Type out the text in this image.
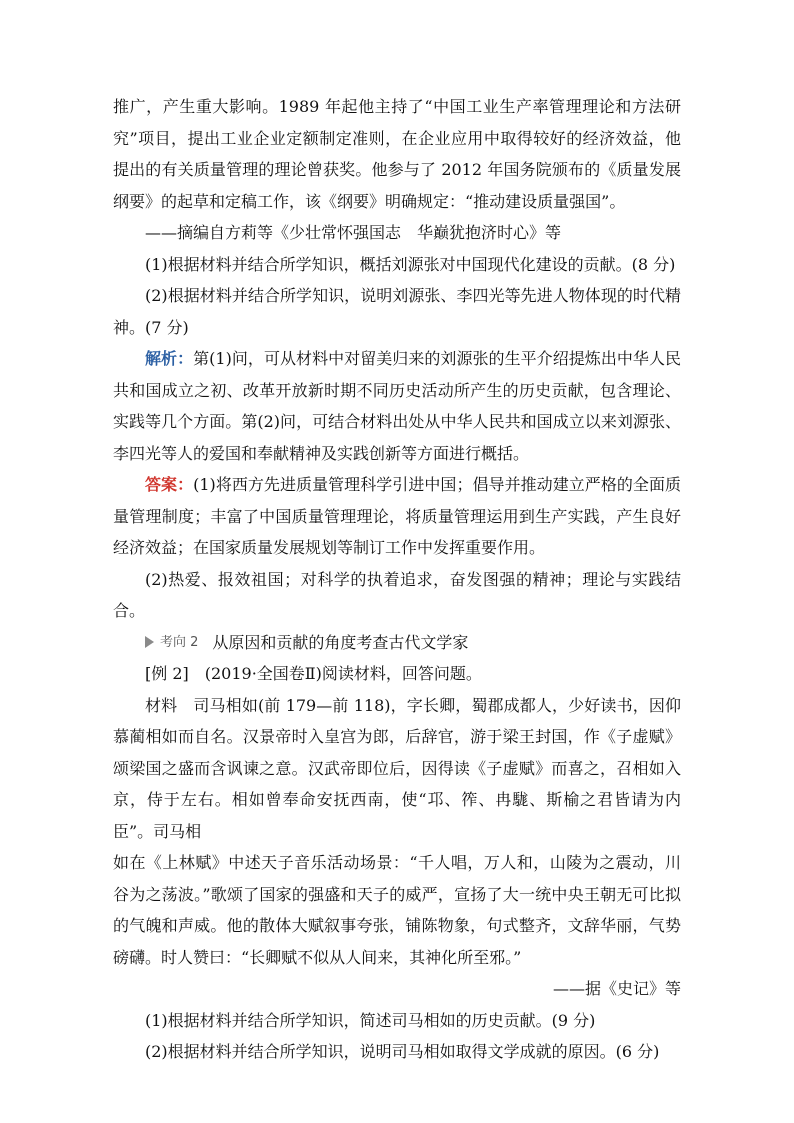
推广，产生重大影响。1989 年起他主持了“中国工业生产率管理理论和方法研究”项目，提出工业企业定额制定准则，在企业应用中取得较好的经济效益，他提出的有关质量管理的理论曾获奖。他参与了 2012 年国务院颁布的《质量发展纲要》的起草和定稿工作，该《纲要》明确规定：“推动建设质量强国”。

——摘编自方莉等《少壮常怀强国志　华巅犹抱济时心》等

(1)根据材料并结合所学知识，概括刘源张对中国现代化建设的贡献。(8 分)

(2)根据材料并结合所学知识，说明刘源张、李四光等先进人物体现的时代精神。(7 分)

解析：第(1)问，可从材料中对留美归来的刘源张的生平介绍提炼出中华人民共和国成立之初、改革开放新时期不同历史活动所产生的历史贡献，包含理论、实践等几个方面。第(2)问，可结合材料出处从中华人民共和国成立以来刘源张、李四光等人的爱国和奉献精神及实践创新等方面进行概括。

答案：(1)将西方先进质量管理科学引进中国；倡导并推动建立严格的全面质量管理制度；丰富了中国质量管理理论，将质量管理运用到生产实践，产生良好经济效益；在国家质量发展规划等制订工作中发挥重要作用。

(2)热爱、报效祖国；对科学的执着追求，奋发图强的精神；理论与实践结合。

考向 2 从原因和贡献的角度考查古代文学家

[例 2]　(2019·全国卷Ⅱ)阅读材料，回答问题。

材料　司马相如(前 179—前 118)，字长卿，蜀郡成都人，少好读书，因仰慕蔺相如而自名。汉景帝时入皇宫为郎，后辞官，游于梁王封国，作《子虚赋》颂梁国之盛而含讽谏之意。汉武帝即位后，因得读《子虚赋》而喜之，召相如入京，侍于左右。相如曾奉命安抚西南，使“邛、筰、冉駹、斯榆之君皆请为内臣”。司马相

如在《上林赋》中述天子音乐活动场景：“千人唱，万人和，山陵为之震动，川谷为之荡波。”歌颂了国家的强盛和天子的威严，宣扬了大一统中央王朝无可比拟的气魄和声威。他的散体大赋叙事夸张，铺陈物象，句式整齐，文辞华丽，气势磅礴。时人赞曰：“长卿赋不似从人间来，其神化所至邪。”

——据《史记》等

(1)根据材料并结合所学知识，简述司马相如的历史贡献。(9 分)

(2)根据材料并结合所学知识，说明司马相如取得文学成就的原因。(6 分)
